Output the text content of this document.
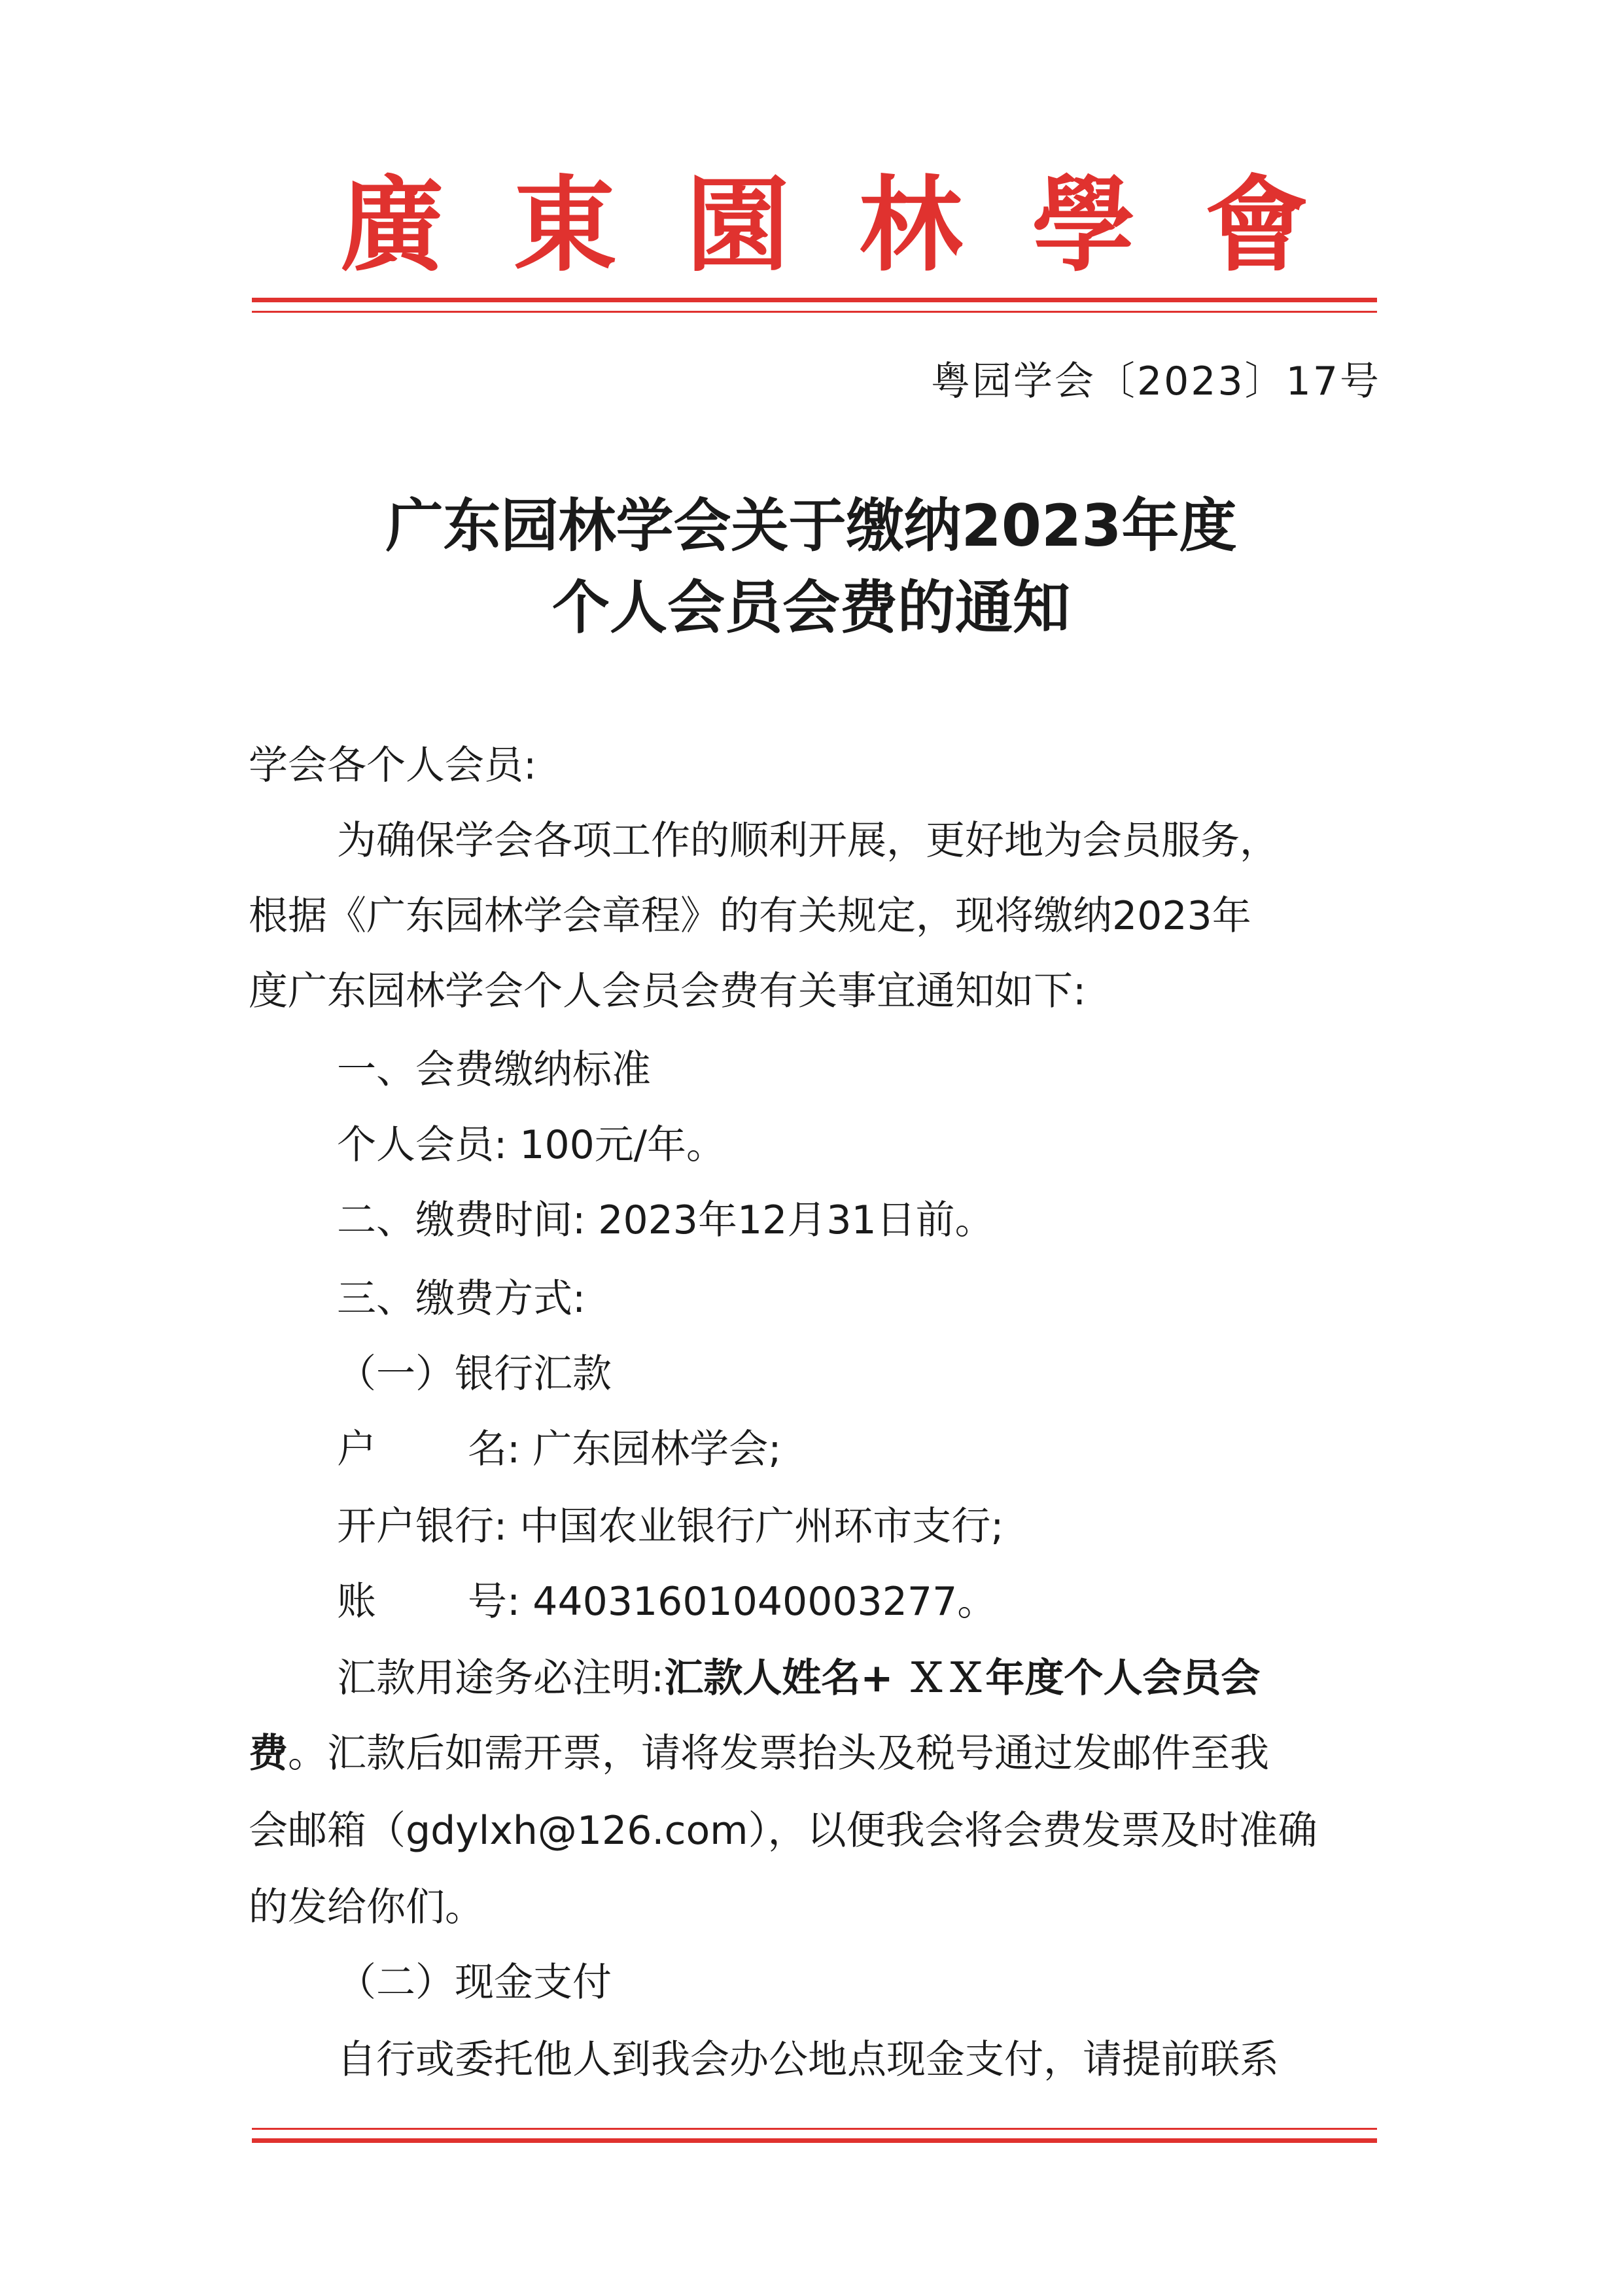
廣 東 園 林 學 會
粤园学会〔2023〕17号
广东园林学会关于缴纳2023年度
个人会员会费的通知
学会各个人会员:
为确保学会各项工作的顺利开展，更好地为会员服务，
根据《广东园林学会章程》的有关规定，现将缴纳2023年
度广东园林学会个人会员会费有关事宜通知如下:
一、会费缴纳标准
个人会员: 100元/年。
二、缴费时间: 2023年12月31日前。
三、缴费方式:
（一）银行汇款
户 名: 广东园林学会;
开户银行: 中国农业银行广州环市支行;
账 号: 44031601040003277。
汇款用途务必注明:汇款人姓名+ ＸＸ年度个人会员会
费。汇款后如需开票，请将发票抬头及税号通过发邮件至我
会邮箱（gdylxh@126.com），以便我会将会费发票及时准确
的发给你们。
（二）现金支付
自行或委托他人到我会办公地点现金支付，请提前联系
